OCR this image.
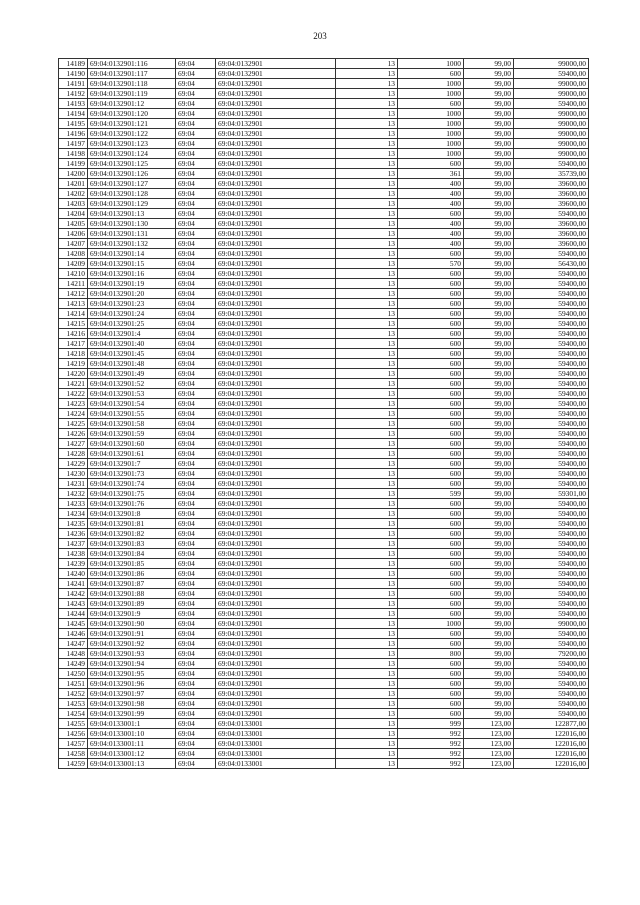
203
14189	69:04:0132901:116	69:04	69:04:0132901	13	1000	99,00	99000,00
14190	69:04:0132901:117	69:04	69:04:0132901	13	600	99,00	59400,00
14191	69:04:0132901:118	69:04	69:04:0132901	13	1000	99,00	99000,00
14192	69:04:0132901:119	69:04	69:04:0132901	13	1000	99,00	99000,00
14193	69:04:0132901:12	69:04	69:04:0132901	13	600	99,00	59400,00
14194	69:04:0132901:120	69:04	69:04:0132901	13	1000	99,00	99000,00
14195	69:04:0132901:121	69:04	69:04:0132901	13	1000	99,00	99000,00
14196	69:04:0132901:122	69:04	69:04:0132901	13	1000	99,00	99000,00
14197	69:04:0132901:123	69:04	69:04:0132901	13	1000	99,00	99000,00
14198	69:04:0132901:124	69:04	69:04:0132901	13	1000	99,00	99000,00
14199	69:04:0132901:125	69:04	69:04:0132901	13	600	99,00	59400,00
14200	69:04:0132901:126	69:04	69:04:0132901	13	361	99,00	35739,00
14201	69:04:0132901:127	69:04	69:04:0132901	13	400	99,00	39600,00
14202	69:04:0132901:128	69:04	69:04:0132901	13	400	99,00	39600,00
14203	69:04:0132901:129	69:04	69:04:0132901	13	400	99,00	39600,00
14204	69:04:0132901:13	69:04	69:04:0132901	13	600	99,00	59400,00
14205	69:04:0132901:130	69:04	69:04:0132901	13	400	99,00	39600,00
14206	69:04:0132901:131	69:04	69:04:0132901	13	400	99,00	39600,00
14207	69:04:0132901:132	69:04	69:04:0132901	13	400	99,00	39600,00
14208	69:04:0132901:14	69:04	69:04:0132901	13	600	99,00	59400,00
14209	69:04:0132901:15	69:04	69:04:0132901	13	570	99,00	56430,00
14210	69:04:0132901:16	69:04	69:04:0132901	13	600	99,00	59400,00
14211	69:04:0132901:19	69:04	69:04:0132901	13	600	99,00	59400,00
14212	69:04:0132901:20	69:04	69:04:0132901	13	600	99,00	59400,00
14213	69:04:0132901:23	69:04	69:04:0132901	13	600	99,00	59400,00
14214	69:04:0132901:24	69:04	69:04:0132901	13	600	99,00	59400,00
14215	69:04:0132901:25	69:04	69:04:0132901	13	600	99,00	59400,00
14216	69:04:0132901:4	69:04	69:04:0132901	13	600	99,00	59400,00
14217	69:04:0132901:40	69:04	69:04:0132901	13	600	99,00	59400,00
14218	69:04:0132901:45	69:04	69:04:0132901	13	600	99,00	59400,00
14219	69:04:0132901:48	69:04	69:04:0132901	13	600	99,00	59400,00
14220	69:04:0132901:49	69:04	69:04:0132901	13	600	99,00	59400,00
14221	69:04:0132901:52	69:04	69:04:0132901	13	600	99,00	59400,00
14222	69:04:0132901:53	69:04	69:04:0132901	13	600	99,00	59400,00
14223	69:04:0132901:54	69:04	69:04:0132901	13	600	99,00	59400,00
14224	69:04:0132901:55	69:04	69:04:0132901	13	600	99,00	59400,00
14225	69:04:0132901:58	69:04	69:04:0132901	13	600	99,00	59400,00
14226	69:04:0132901:59	69:04	69:04:0132901	13	600	99,00	59400,00
14227	69:04:0132901:60	69:04	69:04:0132901	13	600	99,00	59400,00
14228	69:04:0132901:61	69:04	69:04:0132901	13	600	99,00	59400,00
14229	69:04:0132901:7	69:04	69:04:0132901	13	600	99,00	59400,00
14230	69:04:0132901:73	69:04	69:04:0132901	13	600	99,00	59400,00
14231	69:04:0132901:74	69:04	69:04:0132901	13	600	99,00	59400,00
14232	69:04:0132901:75	69:04	69:04:0132901	13	599	99,00	59301,00
14233	69:04:0132901:76	69:04	69:04:0132901	13	600	99,00	59400,00
14234	69:04:0132901:8	69:04	69:04:0132901	13	600	99,00	59400,00
14235	69:04:0132901:81	69:04	69:04:0132901	13	600	99,00	59400,00
14236	69:04:0132901:82	69:04	69:04:0132901	13	600	99,00	59400,00
14237	69:04:0132901:83	69:04	69:04:0132901	13	600	99,00	59400,00
14238	69:04:0132901:84	69:04	69:04:0132901	13	600	99,00	59400,00
14239	69:04:0132901:85	69:04	69:04:0132901	13	600	99,00	59400,00
14240	69:04:0132901:86	69:04	69:04:0132901	13	600	99,00	59400,00
14241	69:04:0132901:87	69:04	69:04:0132901	13	600	99,00	59400,00
14242	69:04:0132901:88	69:04	69:04:0132901	13	600	99,00	59400,00
14243	69:04:0132901:89	69:04	69:04:0132901	13	600	99,00	59400,00
14244	69:04:0132901:9	69:04	69:04:0132901	13	600	99,00	59400,00
14245	69:04:0132901:90	69:04	69:04:0132901	13	1000	99,00	99000,00
14246	69:04:0132901:91	69:04	69:04:0132901	13	600	99,00	59400,00
14247	69:04:0132901:92	69:04	69:04:0132901	13	600	99,00	59400,00
14248	69:04:0132901:93	69:04	69:04:0132901	13	800	99,00	79200,00
14249	69:04:0132901:94	69:04	69:04:0132901	13	600	99,00	59400,00
14250	69:04:0132901:95	69:04	69:04:0132901	13	600	99,00	59400,00
14251	69:04:0132901:96	69:04	69:04:0132901	13	600	99,00	59400,00
14252	69:04:0132901:97	69:04	69:04:0132901	13	600	99,00	59400,00
14253	69:04:0132901:98	69:04	69:04:0132901	13	600	99,00	59400,00
14254	69:04:0132901:99	69:04	69:04:0132901	13	600	99,00	59400,00
14255	69:04:0133001:1	69:04	69:04:0133001	13	999	123,00	122877,00
14256	69:04:0133001:10	69:04	69:04:0133001	13	992	123,00	122016,00
14257	69:04:0133001:11	69:04	69:04:0133001	13	992	123,00	122016,00
14258	69:04:0133001:12	69:04	69:04:0133001	13	992	123,00	122016,00
14259	69:04:0133001:13	69:04	69:04:0133001	13	992	123,00	122016,00
